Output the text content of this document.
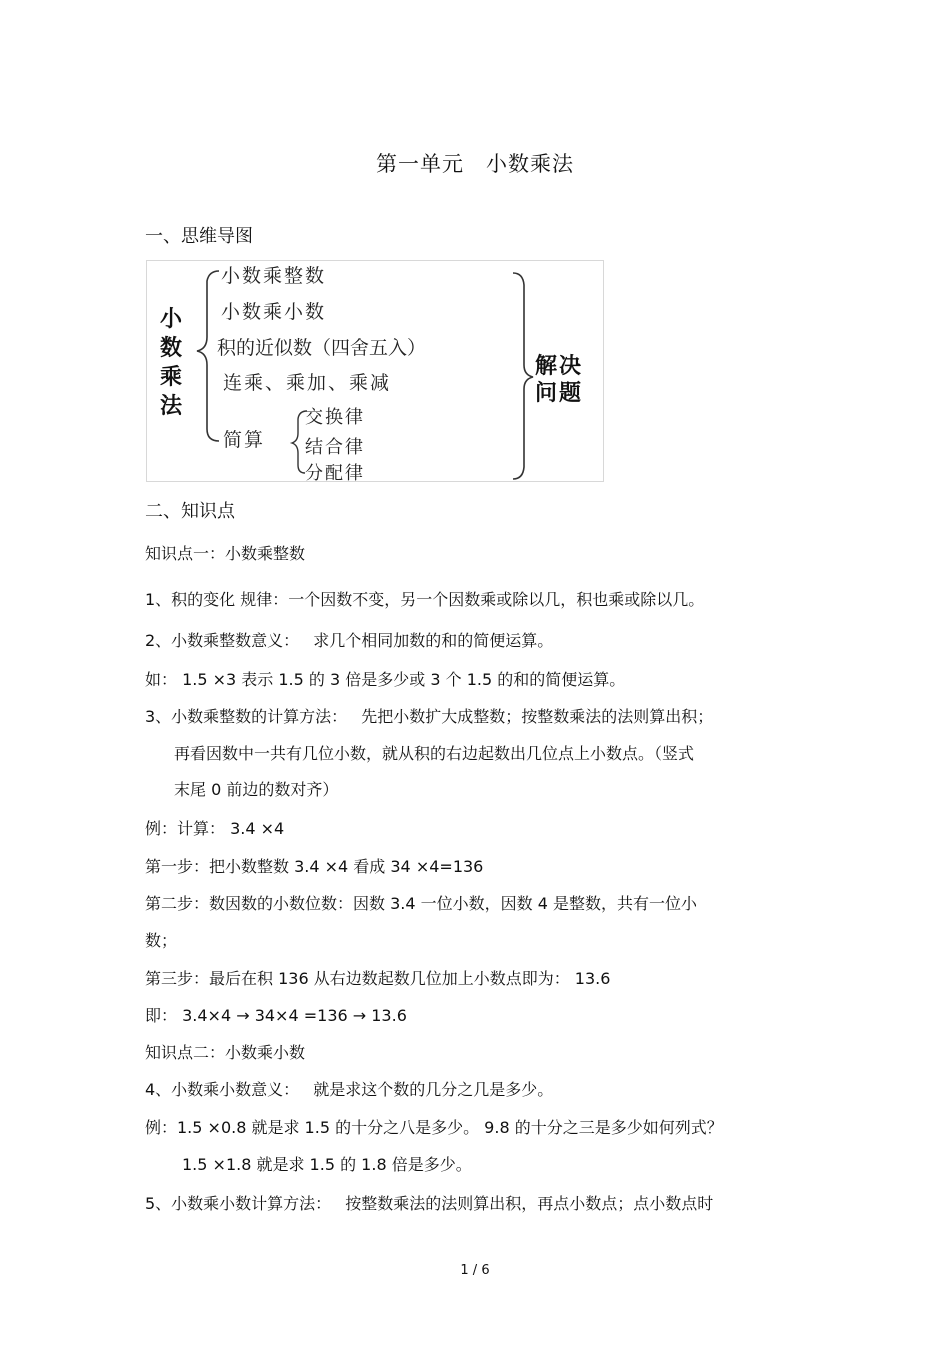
第一单元 小数乘法
一、思维导图
小
数
乘
法
小数乘整数
小数乘小数
积的近似数（四舍五入）
连乘、乘加、乘减
简算
交换律
结合律
分配律
解决
问题
二、知识点
知识点一：小数乘整数
1、积的变化 规律：一个因数不变，另一个因数乘或除以几，积也乘或除以几。
2、小数乘整数意义： 求几个相同加数的和的简便运算。
如： 1.5 ×3 表示 1.5 的 3 倍是多少或 3 个 1.5 的和的简便运算。
3、小数乘整数的计算方法： 先把小数扩大成整数；按整数乘法的法则算出积；
再看因数中一共有几位小数，就从积的右边起数出几位点上小数点。（竖式
末尾 0 前边的数对齐）
例：计算： 3.4 ×4
第一步：把小数整数 3.4 ×4 看成 34 ×4=136
第二步：数因数的小数位数：因数 3.4 一位小数，因数 4 是整数，共有一位小
数；
第三步：最后在积 136 从右边数起数几位加上小数点即为： 13.6
即： 3.4×4 → 34×4 =136 → 13.6
知识点二：小数乘小数
4、小数乘小数意义： 就是求这个数的几分之几是多少。
例：1.5 ×0.8 就是求 1.5 的十分之八是多少。 9.8 的十分之三是多少如何列式？
1.5 ×1.8 就是求 1.5 的 1.8 倍是多少。
5、小数乘小数计算方法： 按整数乘法的法则算出积，再点小数点；点小数点时
1 / 6
